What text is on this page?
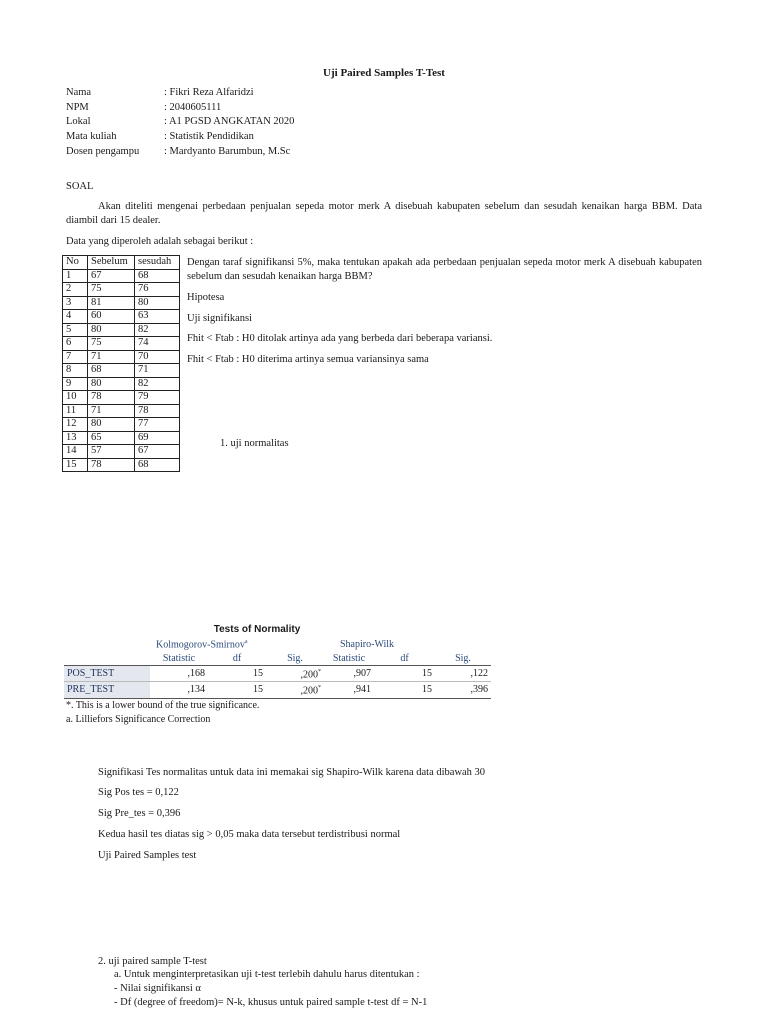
Uji Paired Samples T-Test
Nama	: Fikri Reza Alfaridzi
NPM	: 2040605111
Lokal	: A1 PGSD ANGKATAN 2020
Mata kuliah	: Statistik Pendidikan
Dosen pengampu : Mardyanto Barumbun, M.Sc
SOAL
Akan diteliti mengenai perbedaan penjualan sepeda motor merk A disebuah kabupaten sebelum dan sesudah kenaikan harga BBM. Data diambil dari 15 dealer.
Data yang diperoleh adalah sebagai berikut :
No	Sebelum	sesudah
1	67	68
2	75	76
3	81	80
4	60	63
5	80	82
6	75	74
7	71	70
8	68	71
9	80	82
10	78	79
11	71	78
12	80	77
13	65	69
14	57	67
15	78	68
Dengan taraf signifikansi 5%, maka tentukan apakah ada perbedaan penjualan sepeda motor merk A disebuah kabupaten sebelum dan sesudah kenaikan harga BBM?
Hipotesa
Uji signifikansi
Fhit < Ftab : H0 ditolak artinya ada yang berbeda dari beberapa variansi.
Fhit < Ftab : H0 diterima artinya semua variansinya sama
1. uji normalitas
Tests of Normality
Kolmogorov-Smirnov$^a$	Shapiro-Wilk
	Statistic	df	Sig.	Statistic	df	Sig.
POS_TEST	,168	15	,200*	,907	15	,122
PRE_TEST	,134	15	,200*	,941	15	,396
*. This is a lower bound of the true significance.
a. Lilliefors Significance Correction
Signifikasi Tes normalitas untuk data ini memakai sig Shapiro-Wilk karena data dibawah 30
Sig Pos tes = 0,122
Sig Pre_tes = 0,396
Kedua hasil tes diatas sig > 0,05 maka data tersebut terdistribusi normal
Uji Paired Samples test
2. uji paired sample T-test
a. Untuk menginterpretasikan uji t-test terlebih dahulu harus ditentukan :
- Nilai signifikansi α
- Df (degree of freedom)= N-k, khusus untuk paired sample t-test df = N-1
